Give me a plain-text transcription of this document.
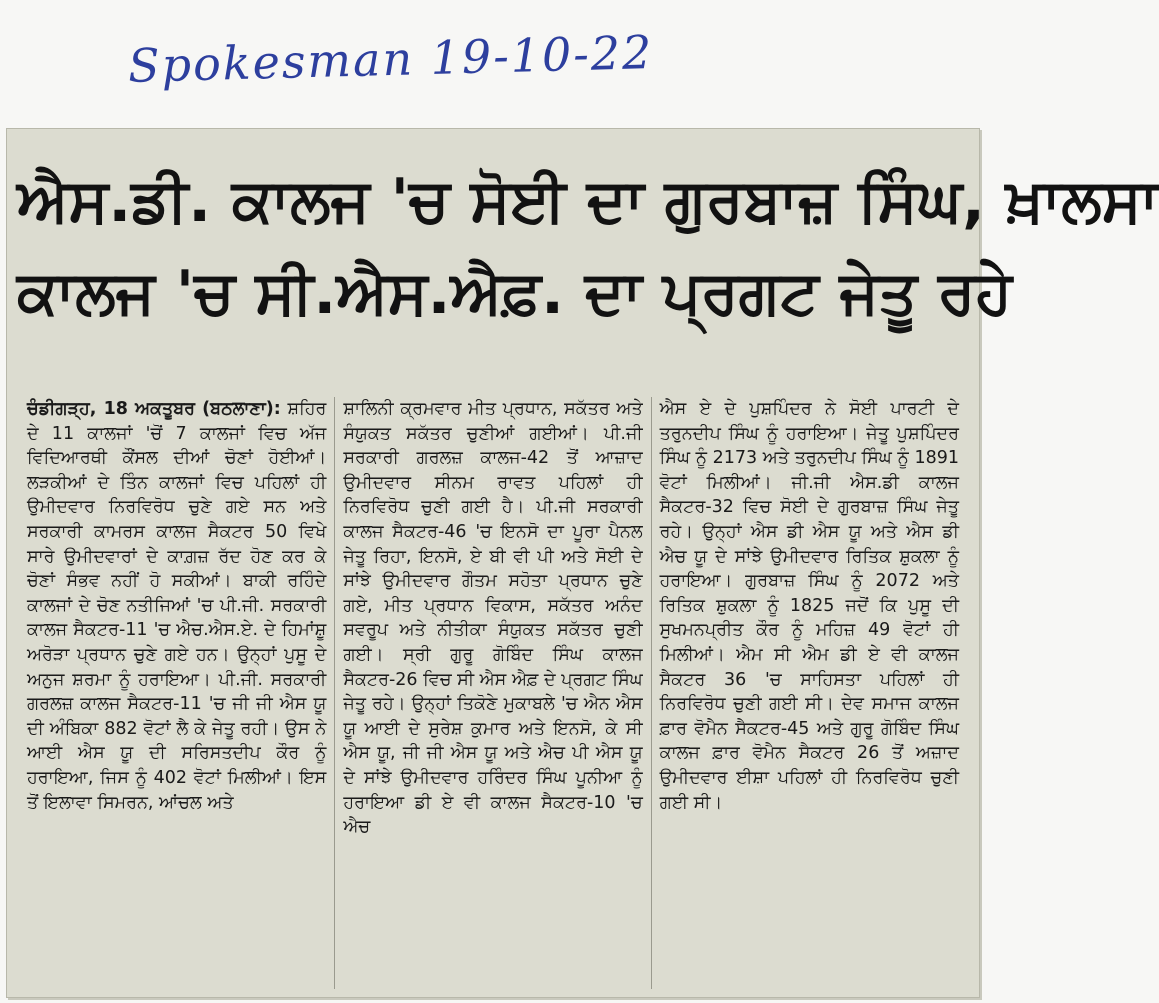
Spokesman 19-10-22
ਐਸ.ਡੀ. ਕਾਲਜ 'ਚ ਸੋਈ ਦਾ ਗੁਰਬਾਜ਼ ਸਿੰਘ, ਖ਼ਾਲਸਾ
ਕਾਲਜ 'ਚ ਸੀ.ਐਸ.ਐਫ਼. ਦਾ ਪ੍ਰਗਟ ਜੇਤੂ ਰਹੇ

ਚੰਡੀਗੜ੍ਹ, 18 ਅਕਤੂਬਰ (ਬਠਲਾਣਾ): ਸ਼ਹਿਰ ਦੇ 11 ਕਾਲਜਾਂ 'ਚੋਂ 7 ਕਾਲਜਾਂ ਵਿਚ ਅੱਜ ਵਿਦਿਆਰਥੀ ਕੌਂਸਲ ਦੀਆਂ ਚੋਣਾਂ ਹੋਈਆਂ। ਲੜਕੀਆਂ ਦੇ ਤਿੰਨ ਕਾਲਜਾਂ ਵਿਚ ਪਹਿਲਾਂ ਹੀ ਉਮੀਦਵਾਰ ਨਿਰਵਿਰੋਧ ਚੁਣੇ ਗਏ ਸਨ ਅਤੇ ਸਰਕਾਰੀ ਕਾਮਰਸ ਕਾਲਜ ਸੈਕਟਰ 50 ਵਿਖੇ ਸਾਰੇ ਉਮੀਦਵਾਰਾਂ ਦੇ ਕਾਗ਼ਜ਼ ਰੱਦ ਹੋਣ ਕਰ ਕੇ ਚੋਣਾਂ ਸੰਭਵ ਨਹੀਂ ਹੋ ਸਕੀਆਂ। ਬਾਕੀ ਰਹਿੰਦੇ ਕਾਲਜਾਂ ਦੇ ਚੋਣ ਨਤੀਜਿਆਂ 'ਚ ਪੀ.ਜੀ. ਸਰਕਾਰੀ ਕਾਲਜ ਸੈਕਟਰ-11 'ਚ ਐਚ.ਐਸ.ਏ. ਦੇ ਹਿਮਾਂਸ਼ੂ ਅਰੋੜਾ ਪ੍ਰਧਾਨ ਚੁਣੇ ਗਏ ਹਨ। ਉਨ੍ਹਾਂ ਪੁਸੂ ਦੇ ਅਨੁਜ ਸ਼ਰਮਾ ਨੂੰ ਹਰਾਇਆ। ਪੀ.ਜੀ. ਸਰਕਾਰੀ ਗਰਲਜ਼ ਕਾਲਜ ਸੈਕਟਰ-11 'ਚ ਜੀ ਜੀ ਐਸ ਯੂ ਦੀ ਅੰਬਿਕਾ 882 ਵੋਟਾਂ ਲੈ ਕੇ ਜੇਤੂ ਰਹੀ। ਉਸ ਨੇ ਆਈ ਐਸ ਯੂ ਦੀ ਸਰਿਸਤਦੀਪ ਕੌਰ ਨੂੰ ਹਰਾਇਆ, ਜਿਸ ਨੂੰ 402 ਵੋਟਾਂ ਮਿਲੀਆਂ। ਇਸ ਤੋਂ ਇਲਾਵਾ ਸਿਮਰਨ, ਆਂਚਲ ਅਤੇ

ਸ਼ਾਲਿਨੀ ਕ੍ਰਮਵਾਰ ਮੀਤ ਪ੍ਰਧਾਨ, ਸਕੱਤਰ ਅਤੇ ਸੰਯੁਕਤ ਸਕੱਤਰ ਚੁਣੀਆਂ ਗਈਆਂ। ਪੀ.ਜੀ ਸਰਕਾਰੀ ਗਰਲਜ਼ ਕਾਲਜ-42 ਤੋਂ ਆਜ਼ਾਦ ਉਮੀਦਵਾਰ ਸੀਨਮ ਰਾਵਤ ਪਹਿਲਾਂ ਹੀ ਨਿਰਵਿਰੋਧ ਚੁਣੀ ਗਈ ਹੈ। ਪੀ.ਜੀ ਸਰਕਾਰੀ ਕਾਲਜ ਸੈਕਟਰ-46 'ਚ ਇਨਸੋ ਦਾ ਪੂਰਾ ਪੈਨਲ ਜੇਤੂ ਰਿਹਾ, ਇਨਸੋ, ਏ ਬੀ ਵੀ ਪੀ ਅਤੇ ਸੋਈ ਦੇ ਸਾਂਝੇ ਉਮੀਦਵਾਰ ਗੌਤਮ ਸਹੋਤਾ ਪ੍ਰਧਾਨ ਚੁਣੇ ਗਏ, ਮੀਤ ਪ੍ਰਧਾਨ ਵਿਕਾਸ, ਸਕੱਤਰ ਅਨੰਦ ਸਵਰੂਪ ਅਤੇ ਨੀਤੀਕਾ ਸੰਯੁਕਤ ਸਕੱਤਰ ਚੁਣੀ ਗਈ। ਸ੍ਰੀ ਗੁਰੂ ਗੋਬਿੰਦ ਸਿੰਘ ਕਾਲਜ ਸੈਕਟਰ-26 ਵਿਚ ਸੀ ਐਸ ਐਫ਼ ਦੇ ਪ੍ਰਗਟ ਸਿੰਘ ਜੇਤੂ ਰਹੇ। ਉਨ੍ਹਾਂ ਤਿਕੋਣੇ ਮੁਕਾਬਲੇ 'ਚ ਐਨ ਐਸ ਯੂ ਆਈ ਦੇ ਸੁਰੇਸ਼ ਕੁਮਾਰ ਅਤੇ ਇਨਸੋ, ਕੇ ਸੀ ਐਸ ਯੂ, ਜੀ ਜੀ ਐਸ ਯੂ ਅਤੇ ਐਚ ਪੀ ਐਸ ਯੂ ਦੇ ਸਾਂਝੇ ਉਮੀਦਵਾਰ ਹਰਿੰਦਰ ਸਿੰਘ ਪੂਨੀਆ ਨੂੰ ਹਰਾਇਆ ਡੀ ਏ ਵੀ ਕਾਲਜ ਸੈਕਟਰ-10 'ਚ ਐਚ

ਐਸ ਏ ਦੇ ਪੁਸ਼ਪਿੰਦਰ ਨੇ ਸੋਈ ਪਾਰਟੀ ਦੇ ਤਰੁਨਦੀਪ ਸਿੰਘ ਨੂੰ ਹਰਾਇਆ। ਜੇਤੂ ਪੁਸ਼ਪਿੰਦਰ ਸਿੰਘ ਨੂੰ 2173 ਅਤੇ ਤਰੁਨਦੀਪ ਸਿੰਘ ਨੂੰ 1891 ਵੋਟਾਂ ਮਿਲੀਆਂ। ਜੀ.ਜੀ ਐਸ.ਡੀ ਕਾਲਜ ਸੈਕਟਰ-32 ਵਿਚ ਸੋਈ ਦੇ ਗੁਰਬਾਜ਼ ਸਿੰਘ ਜੇਤੂ ਰਹੇ। ਉਨ੍ਹਾਂ ਐਸ ਡੀ ਐਸ ਯੂ ਅਤੇ ਐਸ ਡੀ ਐਚ ਯੂ ਦੇ ਸਾਂਝੇ ਉਮੀਦਵਾਰ ਰਿਤਿਕ ਸ਼ੁਕਲਾ ਨੂੰ ਹਰਾਇਆ। ਗੁਰਬਾਜ਼ ਸਿੰਘ ਨੂੰ 2072 ਅਤੇ ਰਿਤਿਕ ਸ਼ੁਕਲਾ ਨੂੰ 1825 ਜਦੋਂ ਕਿ ਪੁਸੂ ਦੀ ਸੁਖਮਨਪ੍ਰੀਤ ਕੌਰ ਨੂੰ ਮਹਿਜ਼ 49 ਵੋਟਾਂ ਹੀ ਮਿਲੀਆਂ। ਐਮ ਸੀ ਐਮ ਡੀ ਏ ਵੀ ਕਾਲਜ ਸੈਕਟਰ 36 'ਚ ਸਾਹਿਸਤਾ ਪਹਿਲਾਂ ਹੀ ਨਿਰਵਿਰੋਧ ਚੁਣੀ ਗਈ ਸੀ। ਦੇਵ ਸਮਾਜ ਕਾਲਜ ਫ਼ਾਰ ਵੋਮੈਨ ਸੈਕਟਰ-45 ਅਤੇ ਗੁਰੂ ਗੋਬਿੰਦ ਸਿੰਘ ਕਾਲਜ ਫ਼ਾਰ ਵੋਮੈਨ ਸੈਕਟਰ 26 ਤੋਂ ਅਜ਼ਾਦ ਉਮੀਦਵਾਰ ਈਸ਼ਾ ਪਹਿਲਾਂ ਹੀ ਨਿਰਵਿਰੋਧ ਚੁਣੀ ਗਈ ਸੀ।
